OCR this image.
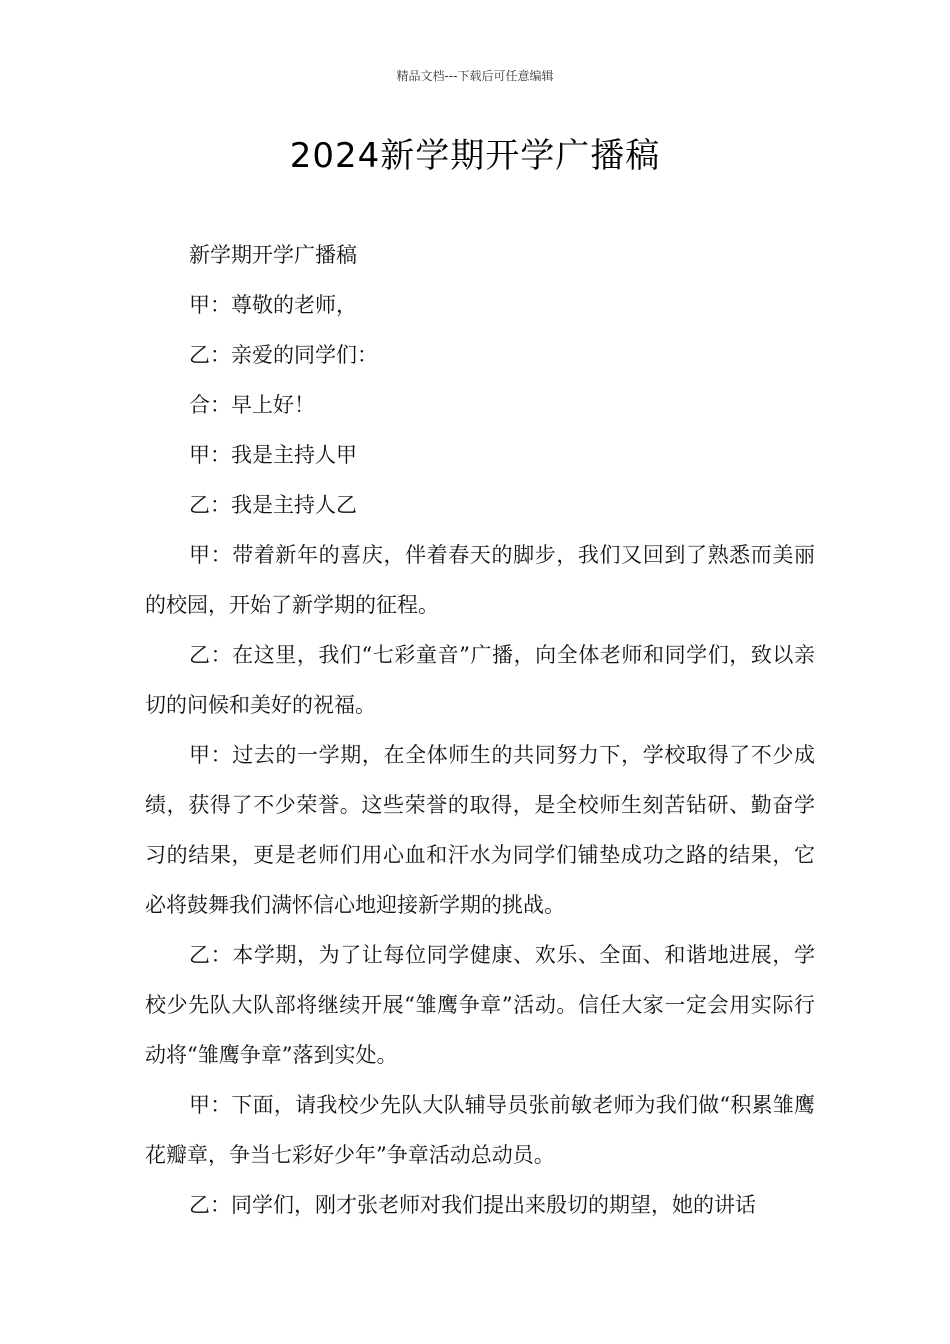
精品文档---下载后可任意编辑
2024新学期开学广播稿

新学期开学广播稿

甲：尊敬的老师，

乙：亲爱的同学们：

合：早上好！

甲：我是主持人甲

乙：我是主持人乙

甲：带着新年的喜庆，伴着春天的脚步，我们又回到了熟悉而美丽的校园，开始了新学期的征程。

乙：在这里，我们“七彩童音”广播，向全体老师和同学们，致以亲切的问候和美好的祝福。

甲：过去的一学期，在全体师生的共同努力下，学校取得了不少成绩，获得了不少荣誉。这些荣誉的取得，是全校师生刻苦钻研、勤奋学习的结果，更是老师们用心血和汗水为同学们铺垫成功之路的结果，它必将鼓舞我们满怀信心地迎接新学期的挑战。

乙：本学期，为了让每位同学健康、欢乐、全面、和谐地进展，学校少先队大队部将继续开展“雏鹰争章”活动。信任大家一定会用实际行动将“雏鹰争章”落到实处。

甲：下面，请我校少先队大队辅导员张前敏老师为我们做“积累雏鹰花瓣章，争当七彩好少年”争章活动总动员。

乙：同学们，刚才张老师对我们提出来殷切的期望，她的讲话
